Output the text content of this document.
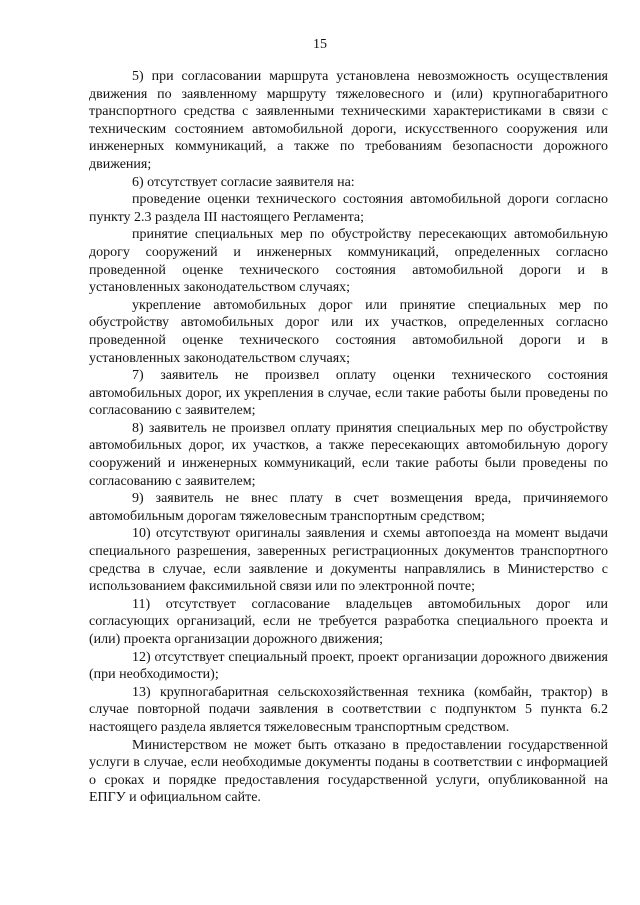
15

5) при согласовании маршрута установлена невозможность осуществления движения по заявленному маршруту тяжеловесного и (или) крупногабаритного транспортного средства с заявленными техническими характеристиками в связи с техническим состоянием автомобильной дороги, искусственного сооружения или инженерных коммуникаций, а также по требованиям безопасности дорожного движения;

6) отсутствует согласие заявителя на:

проведение оценки технического состояния автомобильной дороги согласно пункту 2.3 раздела III настоящего Регламента;

принятие специальных мер по обустройству пересекающих автомобильную дорогу сооружений и инженерных коммуникаций, определенных согласно проведенной оценке технического состояния автомобильной дороги и в установленных законодательством случаях;

укрепление автомобильных дорог или принятие специальных мер по обустройству автомобильных дорог или их участков, определенных согласно проведенной оценке технического состояния автомобильной дороги и в установленных законодательством случаях;

7) заявитель не произвел оплату оценки технического состояния автомобильных дорог, их укрепления в случае, если такие работы были проведены по согласованию с заявителем;

8) заявитель не произвел оплату принятия специальных мер по обустройству автомобильных дорог, их участков, а также пересекающих автомобильную дорогу сооружений и инженерных коммуникаций, если такие работы были проведены по согласованию с заявителем;

9) заявитель не внес плату в счет возмещения вреда, причиняемого автомобильным дорогам тяжеловесным транспортным средством;

10) отсутствуют оригиналы заявления и схемы автопоезда на момент выдачи специального разрешения, заверенных регистрационных документов транспортного средства в случае, если заявление и документы направлялись в Министерство с использованием факсимильной связи или по электронной почте;

11) отсутствует согласование владельцев автомобильных дорог или согласующих организаций, если не требуется разработка специального проекта и (или) проекта организации дорожного движения;

12) отсутствует специальный проект, проект организации дорожного движения (при необходимости);

13) крупногабаритная сельскохозяйственная техника (комбайн, трактор) в случае повторной подачи заявления в соответствии с подпунктом 5 пункта 6.2 настоящего раздела является тяжеловесным транспортным средством.

Министерством не может быть отказано в предоставлении государственной услуги в случае, если необходимые документы поданы в соответствии с информацией о сроках и порядке предоставления государственной услуги, опубликованной на ЕПГУ и официальном сайте.
